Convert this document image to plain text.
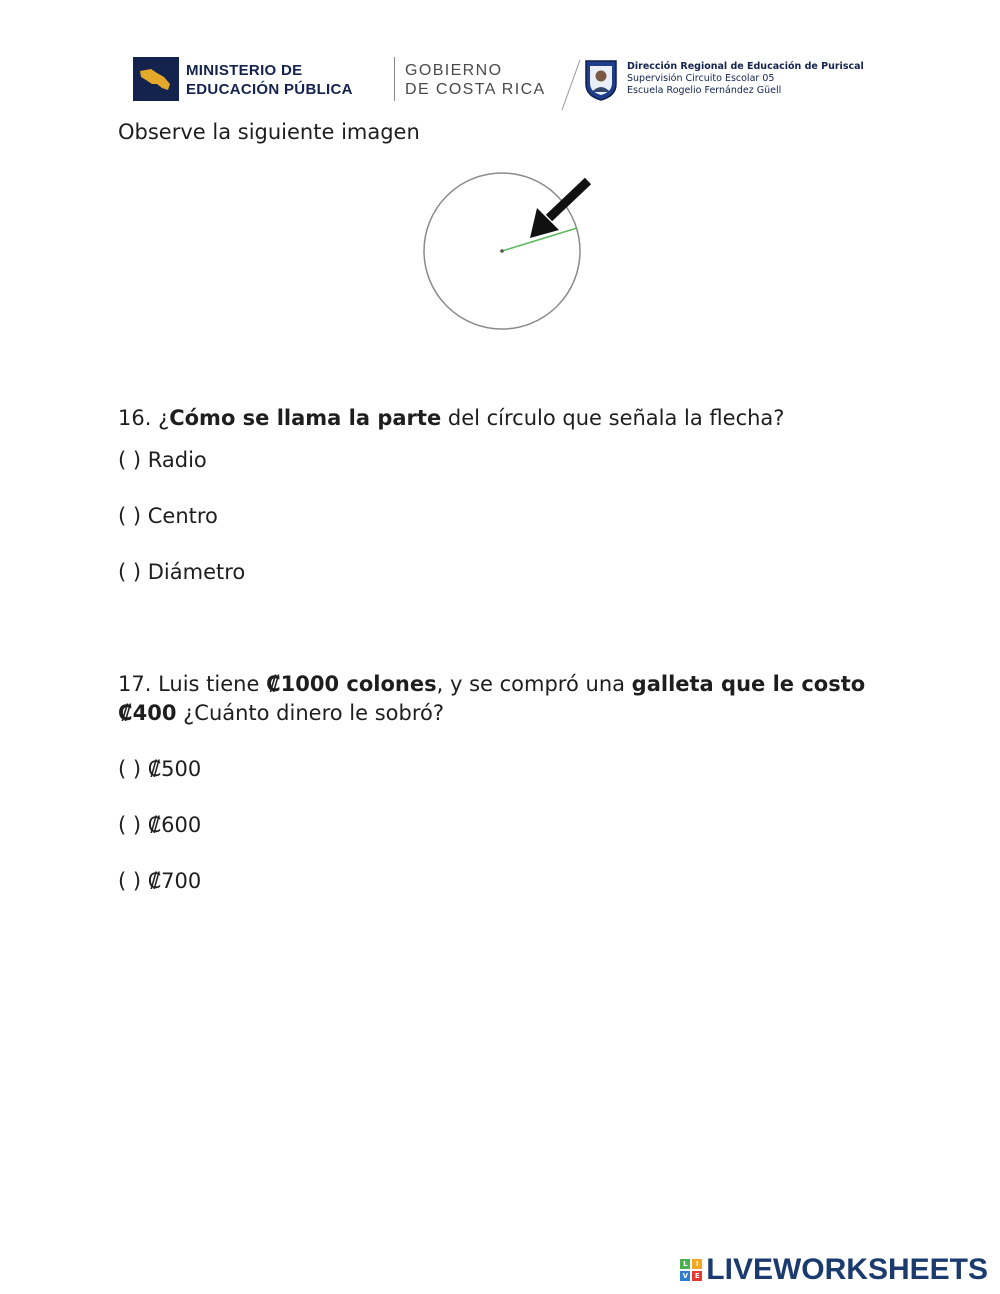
MINISTERIO DE
EDUCACIÓN PÚBLICA
GOBIERNO
DE COSTA RICA
Dirección Regional de Educación de Puriscal
Supervisión Circuito Escolar 05
Escuela Rogelio Fernández Güell
Observe la siguiente imagen
16. ¿Cómo se llama la parte del círculo que señala la flecha?
( ) Radio
( ) Centro
( ) Diámetro
17. Luis tiene ₡1000 colones, y se compró una galleta que le costo
₡400 ¿Cuánto dinero le sobró?
( ) ₡500
( ) ₡600
( ) ₡700
L	I
V E LIVEWORKSHEETS
